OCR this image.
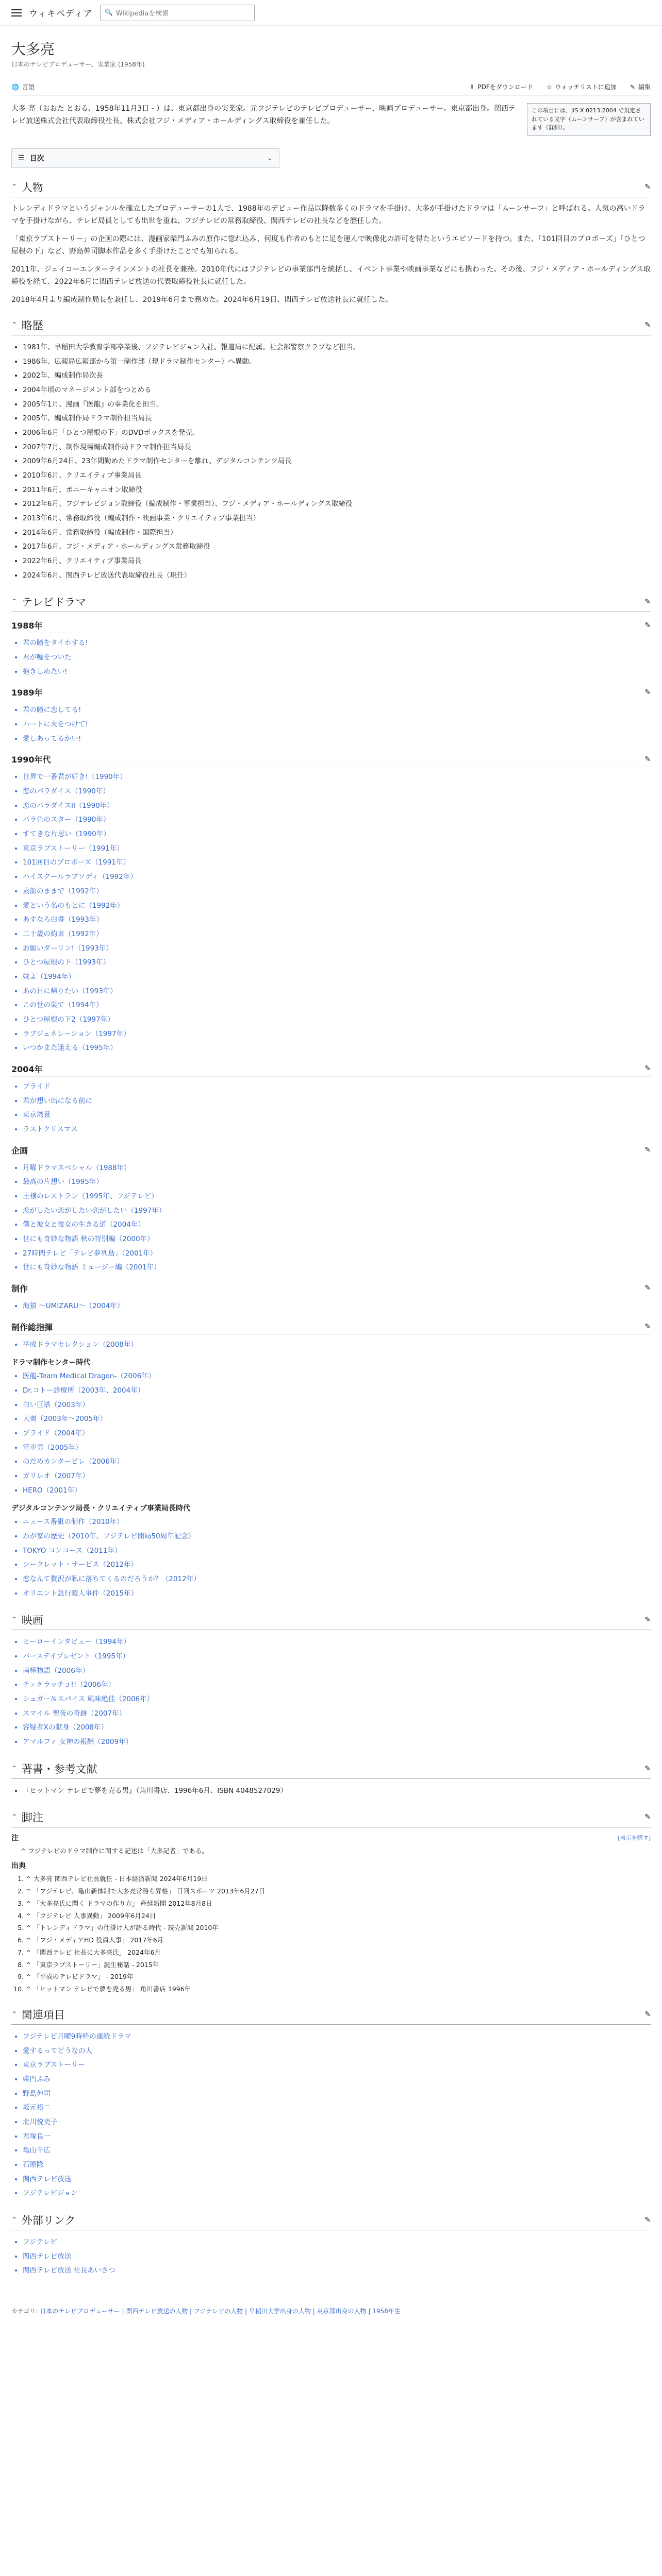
ウィキペディア 🔍 Wikipediaを検索
大多亮
日本のテレビプロデューサー、実業家 (1958年)
🌐 言語	⇩ PDFをダウンロード ☆ ウォッチリストに追加 ✎ 編集

大多 亮（おおた とおる、1958年11月3日 - ）は、東京都出身の実業家。元フジテレビのテレビプロデューサー、映画プロデューサー。東京都出身。関西テレビ放送株式会社代表取締役社長、株式会社フジ・メディア・ホールディングス取締役を兼任した。

この項目には、JIS X 0213:2004 で規定されている文字（ムーンサーフ）が含まれています（詳細）。
☰ 目次	⌄
⌃ 人物	✎

トレンディドラマというジャンルを確立したプロデューサーの1人で、1988年のデビュー作品以降数多くのドラマを手掛け、大多が手掛けたドラマは「ムーンサーフ」と呼ばれる。人気の高いドラマを手掛けながら、テレビ局員としても出世を重ね、フジテレビの常務取締役、関西テレビの社長などを歴任した。

「東京ラブストーリー」の企画の際には、漫画家柴門ふみの原作に惚れ込み、何度も作者のもとに足を運んで映像化の許可を得たというエピソードを持つ。また、「101回目のプロポーズ」「ひとつ屋根の下」など、野島伸司脚本作品を多く手掛けたことでも知られる。

2011年、ジェイコーエンターテインメントの社長を兼務。2010年代にはフジテレビの事業部門を統括し、イベント事業や映画事業などにも携わった。その後、フジ・メディア・ホールディングス取締役を経て、2022年6月に関西テレビ放送の代表取締役社長に就任した。

2018年4月より編成制作局長を兼任し、2019年6月まで務めた。2024年6月19日、関西テレビ放送社長に就任した。

⌃ 略歴	✎
• 1981年、早稲田大学教育学部卒業後、フジテレビジョン入社。報道局に配属。社会部警察クラブなど担当。
• 1986年、広報局広報部から第一制作部（現ドラマ制作センター）へ異動。
• 2002年、編成制作局次長
• 2004年頃のマネージメント部をつとめる
• 2005年1月、漫画『医龍』の事業化を担当。
• 2005年、編成制作局ドラマ制作担当局長
• 2006年6月「ひとつ屋根の下」のDVDボックスを発売。
• 2007年7月、制作現場編成制作局ドラマ制作担当局長
• 2009年6月24日、23年間勤めたドラマ制作センターを離れ、デジタルコンテンツ局長
• 2010年6月、クリエイティブ事業局長
• 2011年6月、ポニーキャニオン取締役
• 2012年6月、フジテレビジョン取締役（編成制作・事業担当）、フジ・メディア・ホールディングス取締役
• 2013年6月、常務取締役（編成制作・映画事業・クリエイティブ事業担当）
• 2014年6月、常務取締役（編成制作・国際担当）
• 2017年6月、フジ・メディア・ホールディングス常務取締役
• 2022年6月、クリエイティブ事業局長
• 2024年6月、関西テレビ放送代表取締役社長（現任）
⌃ テレビドラマ	✎
1988年	✎
• 君の瞳をタイホする!
• 君が嘘をついた
• 抱きしめたい!
1989年	✎
• 君の瞳に恋してる!
• ハートに火をつけて!
• 愛しあってるかい!
1990年代	✎
• 世界で一番君が好き!（1990年）
• 恋のパラダイス（1990年）
• 恋のパラダイスII（1990年）
• パラ色のスター（1990年）
• すてきな片思い（1990年）
• 東京ラブストーリー（1991年）
• 101回目のプロポーズ（1991年）
• ハイスクールラプソディ（1992年）
• 素顔のままで（1992年）
• 愛という名のもとに（1992年）
• あすなろ白書（1993年）
• 二十歳の約束（1992年）
• お願いダーリン!（1993年）
• ひとつ屋根の下（1993年）
• 妹よ（1994年）
• あの日に帰りたい（1993年）
• この世の果て（1994年）
• ひとつ屋根の下2（1997年）
• ラブジェネレーション（1997年）
• いつかまた逢える（1995年）
2004年	✎
• プライド
• 君が想い出になる前に
• 東京湾景
• ラストクリスマス
企画	✎
• 月曜ドラマスペシャル（1988年）
• 最高の片想い（1995年）
• 王様のレストラン（1995年、フジテレビ）
• 恋がしたい恋がしたい恋がしたい（1997年）
• 僕と彼女と彼女の生きる道（2004年）
• 世にも奇妙な物語 秋の特別編（2000年）
• 27時間テレビ「テレビ夢列島」（2001年）
• 世にも奇妙な物語 ミュージー編（2001年）
制作	✎
• 海猿 ～UMIZARU～（2004年）
制作総指揮	✎
• 平成ドラマセレクション（2008年）
ドラマ制作センター時代
• 医龍-Team Medical Dragon-（2006年）
• Dr.コトー診療所（2003年、2004年）
• 白い巨塔（2003年）
• 大奥（2003年～2005年）
• プライド（2004年）
• 電車男（2005年）
• のだめカンタービレ（2006年）
• ガリレオ（2007年）
• HERO（2001年）
デジタルコンテンツ局長・クリエイティブ事業局長時代
• ニュース番組の制作（2010年）
• わが家の歴史（2010年、フジテレビ開局50周年記念）
• TOKYO コンコース（2011年）
• シークレット・サービス（2012年）
• 恋なんて贅沢が私に落ちてくるのだろうか？（2012年）
• オリエント急行殺人事件（2015年）
⌃ 映画	✎
• ヒーローインタビュー（1994年）
• バースデイプレゼント（1995年）
• 南極物語（2006年）
• チェケラッチョ!!（2006年）
• シュガー＆スパイス 風味絶佳（2006年）
• スマイル 聖夜の奇跡（2007年）
• 容疑者Xの献身（2008年）
• アマルフィ 女神の報酬（2009年）
⌃ 著書・参考文献	✎
• 『ヒットマン テレビで夢を売る男』（角川書店、1996年6月、ISBN 4048527029）
⌃ 脚注	✎
注	[表示を隠す]
^ フジテレビのドラマ制作に関する記述は「大多記者」である。
出典
1. ^ 大多亮 関西テレビ社長就任 - 日本経済新聞 2024年6月19日
2. ^ 「フジテレビ、亀山新体制で大多亮常務ら昇格」 日刊スポーツ 2013年6月27日
3. ^ 「大多亮氏に聞く ドラマの作り方」 産経新聞 2012年8月8日
4. ^ 「フジテレビ 人事異動」 2009年6月24日
5. ^ 「トレンディドラマ」の仕掛け人が語る時代 - 読売新聞 2010年
6. ^ 「フジ・メディアHD 役員人事」 2017年6月
7. ^ 「関西テレビ 社長に大多亮氏」 2024年6月
8. ^ 「東京ラブストーリー」誕生秘話 - 2015年
9. ^ 「平成のテレビドラマ」 - 2019年
10. ^ 「ヒットマン テレビで夢を売る男」 角川書店 1996年
⌃ 関連項目	✎
• フジテレビ月曜9時枠の連続ドラマ
• 愛するってどうなの人
• 東京ラブストーリー
• 柴門ふみ
• 野島伸司
• 坂元裕二
• 北川悦吏子
• 君塚良一
• 亀山千広
• 石原隆
• 関西テレビ放送
• フジテレビジョン
⌃ 外部リンク	✎
• フジテレビ
• 関西テレビ放送
• 関西テレビ放送 社長あいさつ
カテゴリ: 日本のテレビプロデューサー | 関西テレビ放送の人物 | フジテレビの人物 | 早稲田大学出身の人物 | 東京都出身の人物 | 1958年生
